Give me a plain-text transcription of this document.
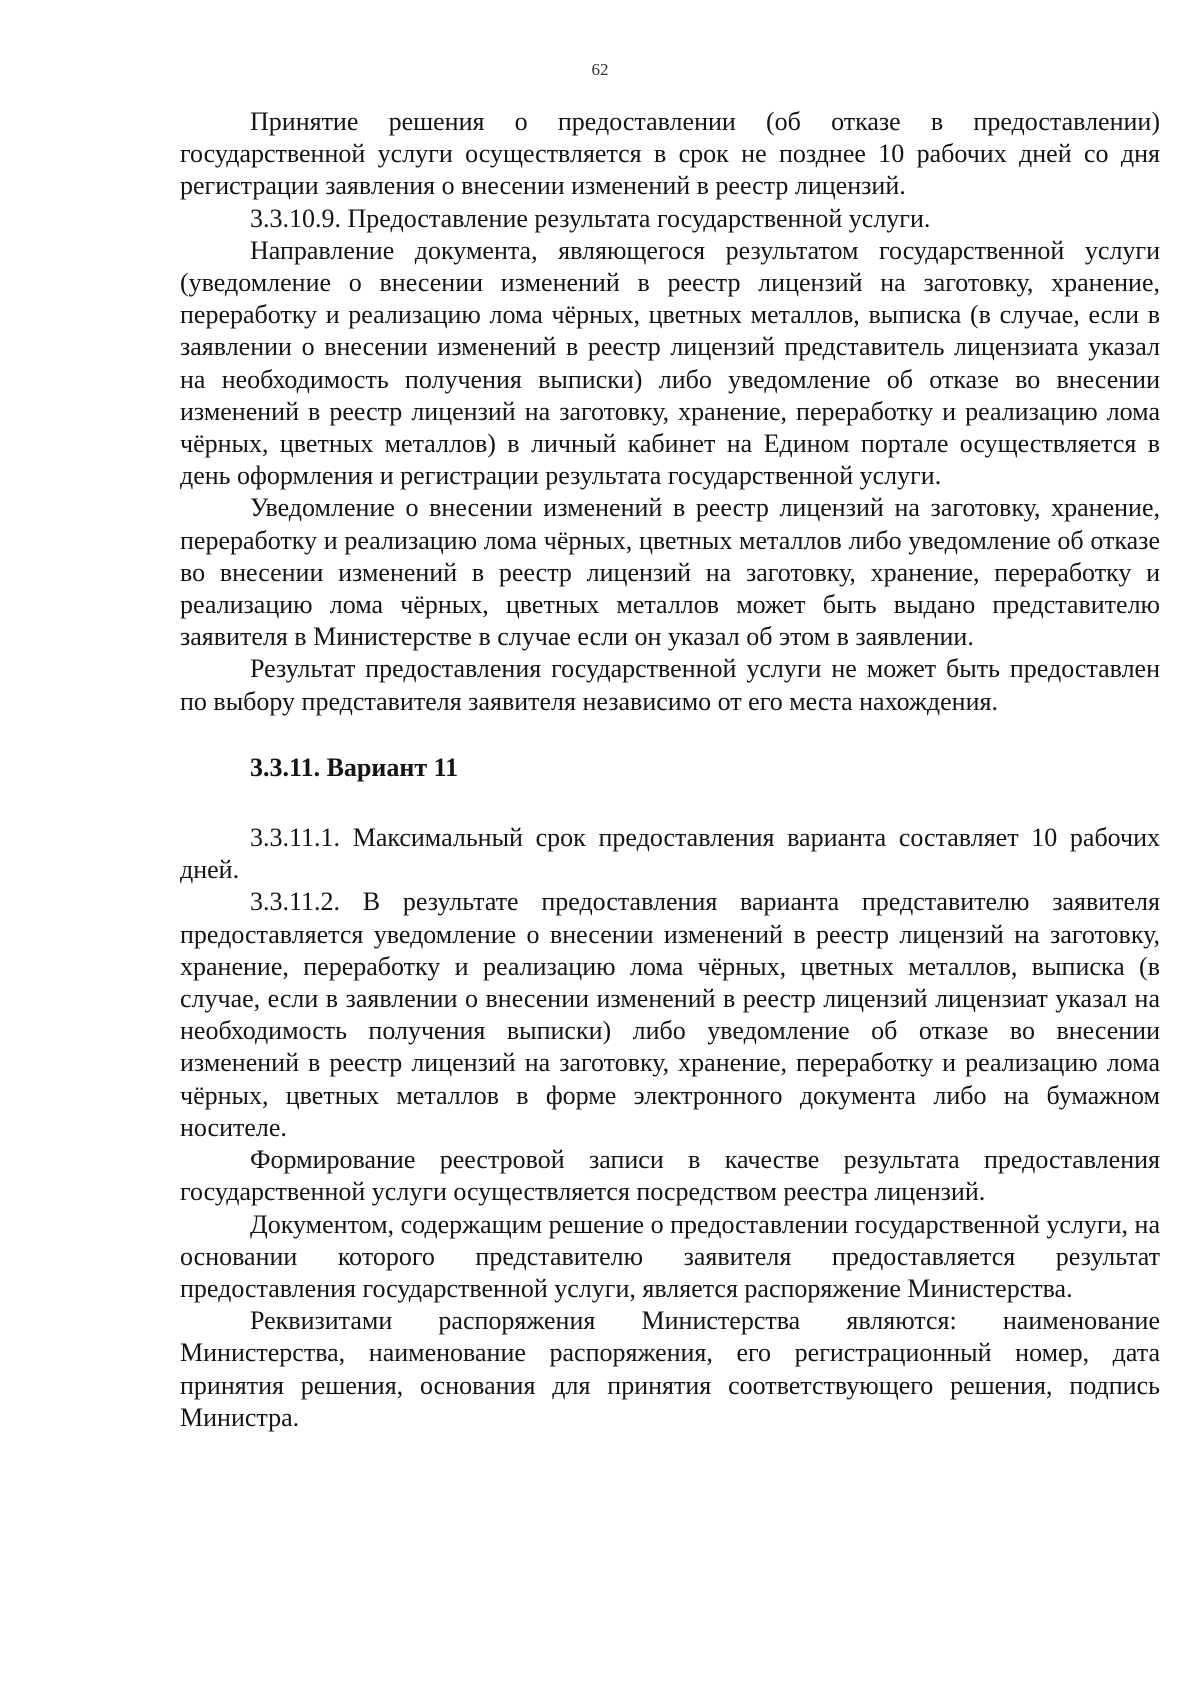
62

Принятие решения о предоставлении (об отказе в предоставлении) государственной услуги осуществляется в срок не позднее 10 рабочих дней со дня регистрации заявления о внесении изменений в реестр лицензий.

3.3.10.9. Предоставление результата государственной услуги.

Направление документа, являющегося результатом государственной услуги (уведомление о внесении изменений в реестр лицензий на заготовку, хранение, переработку и реализацию лома чёрных, цветных металлов, выписка (в случае, если в заявлении о внесении изменений в реестр лицензий представитель лицензиата указал на необходимость получения выписки) либо уведомление об отказе во внесении изменений в реестр лицензий на заготовку, хранение, переработку и реализацию лома чёрных, цветных металлов) в личный кабинет на Едином портале осуществляется в день оформления и регистрации результата государственной услуги.

Уведомление о внесении изменений в реестр лицензий на заготовку, хранение, переработку и реализацию лома чёрных, цветных металлов либо уведомление об отказе во внесении изменений в реестр лицензий на заготовку, хранение, переработку и реализацию лома чёрных, цветных металлов может быть выдано представителю заявителя в Министерстве в случае если он указал об этом в заявлении.

Результат предоставления государственной услуги не может быть предоставлен по выбору представителя заявителя независимо от его места нахождения.

3.3.11. Вариант 11

3.3.11.1. Максимальный срок предоставления варианта составляет 10 рабочих дней.

3.3.11.2. В результате предоставления варианта представителю заявителя предоставляется уведомление о внесении изменений в реестр лицензий на заготовку, хранение, переработку и реализацию лома чёрных, цветных металлов, выписка (в случае, если в заявлении о внесении изменений в реестр лицензий лицензиат указал на необходимость получения выписки) либо уведомление об отказе во внесении изменений в реестр лицензий на заготовку, хранение, переработку и реализацию лома чёрных, цветных металлов в форме электронного документа либо на бумажном носителе.

Формирование реестровой записи в качестве результата предоставления государственной услуги осуществляется посредством реестра лицензий.

Документом, содержащим решение о предоставлении государственной услуги, на основании которого представителю заявителя предоставляется результат предоставления государственной услуги, является распоряжение Министерства.

Реквизитами распоряжения Министерства являются: наименование Министерства, наименование распоряжения, его регистрационный номер, дата принятия решения, основания для принятия соответствующего решения, подпись Министра.
